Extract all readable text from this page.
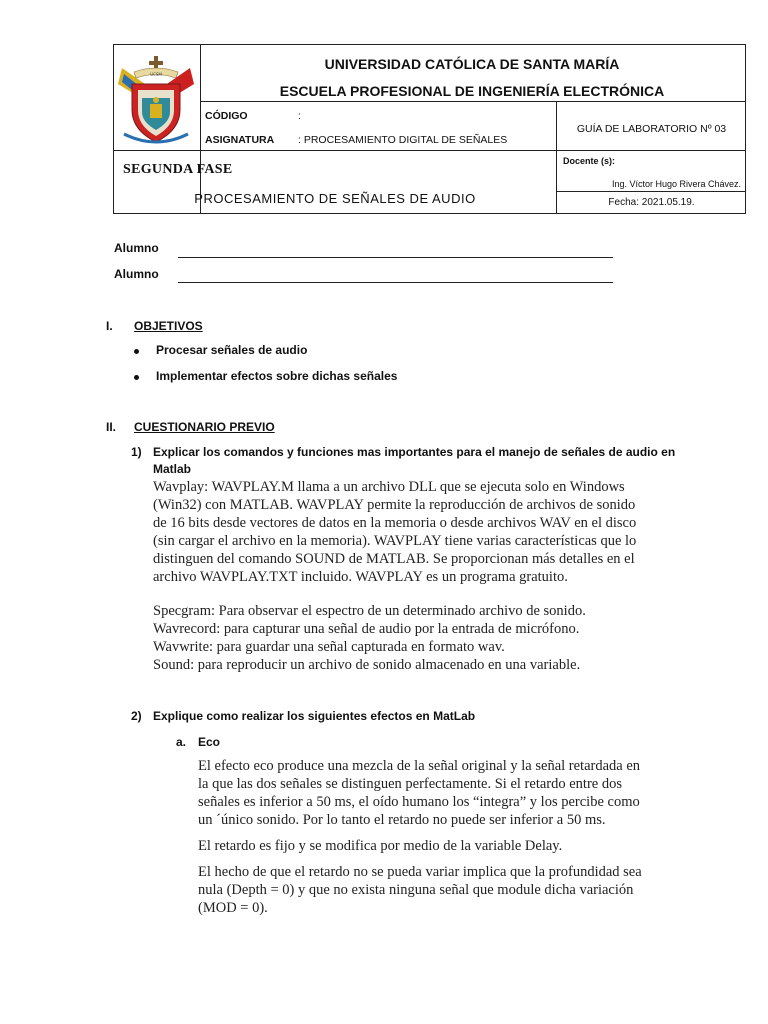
UCSM
UNIVERSIDAD CATÓLICA DE SANTA MARÍA
ESCUELA PROFESIONAL DE INGENIERÍA ELECTRÓNICA
CÓDIGO	:
ASIGNATURA : PROCESAMIENTO DIGITAL DE SEÑALES
GUÍA DE LABORATORIO Nº 03
SEGUNDA FASE
PROCESAMIENTO DE SEÑALES DE AUDIO
Docente (s):
Ing. Víctor Hugo Rivera Chávez.
Fecha: 2021.05.19.
Alumno
Alumno
I. OBJETIVOS
Procesar señales de audio
Implementar efectos sobre dichas señales
II. CUESTIONARIO PREVIO
1) Explicar los comandos y funciones mas importantes para el manejo de señales de audio en
Matlab
Wavplay: WAVPLAY.M llama a un archivo DLL que se ejecuta solo en Windows
(Win32) con MATLAB. WAVPLAY permite la reproducción de archivos de sonido
de 16 bits desde vectores de datos en la memoria o desde archivos WAV en el disco
(sin cargar el archivo en la memoria). WAVPLAY tiene varias características que lo
distinguen del comando SOUND de MATLAB. Se proporcionan más detalles en el
archivo WAVPLAY.TXT incluido. WAVPLAY es un programa gratuito.
Specgram: Para observar el espectro de un determinado archivo de sonido.
Wavrecord: para capturar una señal de audio por la entrada de micrófono.
Wavwrite: para guardar una señal capturada en formato wav.
Sound: para reproducir un archivo de sonido almacenado en una variable.
2) Explique como realizar los siguientes efectos en MatLab
a. Eco
El efecto eco produce una mezcla de la señal original y la señal retardada en
la que las dos señales se distinguen perfectamente. Si el retardo entre dos
señales es inferior a 50 ms, el oído humano los “integra” y los percibe como
un ´único sonido. Por lo tanto el retardo no puede ser inferior a 50 ms.
El retardo es fijo y se modifica por medio de la variable Delay.
El hecho de que el retardo no se pueda variar implica que la profundidad sea
nula (Depth = 0) y que no exista ninguna señal que module dicha variación
(MOD = 0).
